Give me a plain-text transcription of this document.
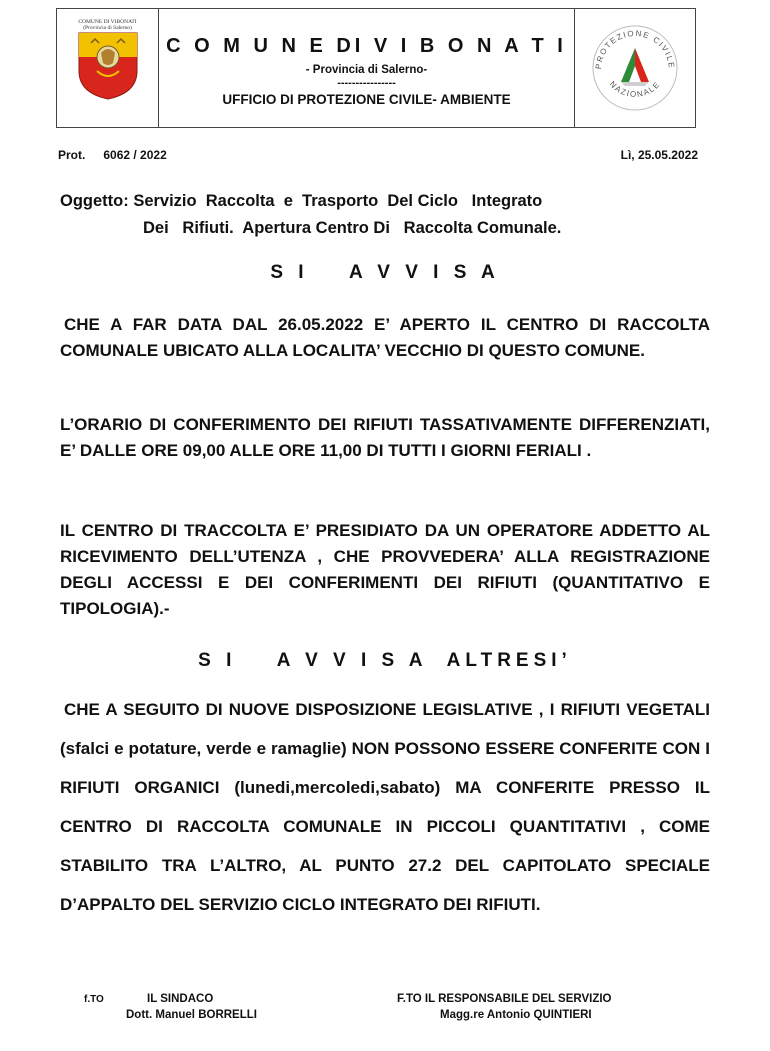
COMUNE DI VIBONATI
(Provincia di Salerno)
C O M U N E DI V I B O N A T I
- Provincia di Salerno-
----------------
UFFICIO DI PROTEZIONE CIVILE- AMBIENTE
PROTEZIONE CIVILE
NAZIONALE

Prot. 6062 / 2022	Lì, 25.05.2022

Oggetto: Servizio  Raccolta  e  Trasporto  Del Ciclo   Integrato
Dei   Rifiuti.  Apertura Centro Di   Raccolta Comunale.

S I    A V V I S A

CHE A FAR DATA DAL 26.05.2022 E’ APERTO IL CENTRO DI RACCOLTA COMUNALE UBICATO ALLA LOCALITA’ VECCHIO DI QUESTO COMUNE.

L’ORARIO DI CONFERIMENTO DEI RIFIUTI TASSATIVAMENTE DIFFERENZIATI, E’ DALLE ORE 09,00 ALLE ORE 11,00 DI TUTTI I GIORNI FERIALI .

IL CENTRO DI TRACCOLTA E’ PRESIDIATO DA UN OPERATORE ADDETTO AL RICEVIMENTO DELL’UTENZA , CHE PROVVEDERA’ ALLA REGISTRAZIONE DEGLI ACCESSI E DEI CONFERIMENTI DEI RIFIUTI (QUANTITATIVO E TIPOLOGIA).-

S I    A V V I S A  ALTRESI’

CHE A SEGUITO DI NUOVE DISPOSIZIONE LEGISLATIVE , I RIFIUTI VEGETALI (sfalci e potature, verde e ramaglie) NON POSSONO ESSERE CONFERITE CON I RIFIUTI ORGANICI (lunedi,mercoledi,sabato) MA CONFERITE PRESSO IL CENTRO DI RACCOLTA COMUNALE IN PICCOLI QUANTITATIVI , COME STABILITO TRA L’ALTRO, AL PUNTO 27.2 DEL CAPITOLATO SPECIALE D’APPALTO DEL SERVIZIO CICLO INTEGRATO DEI RIFIUTI.

f.TO	IL SINDACO
Dott. Manuel BORRELLI
F.TO IL RESPONSABILE DEL SERVIZIO
Magg.re Antonio QUINTIERI
